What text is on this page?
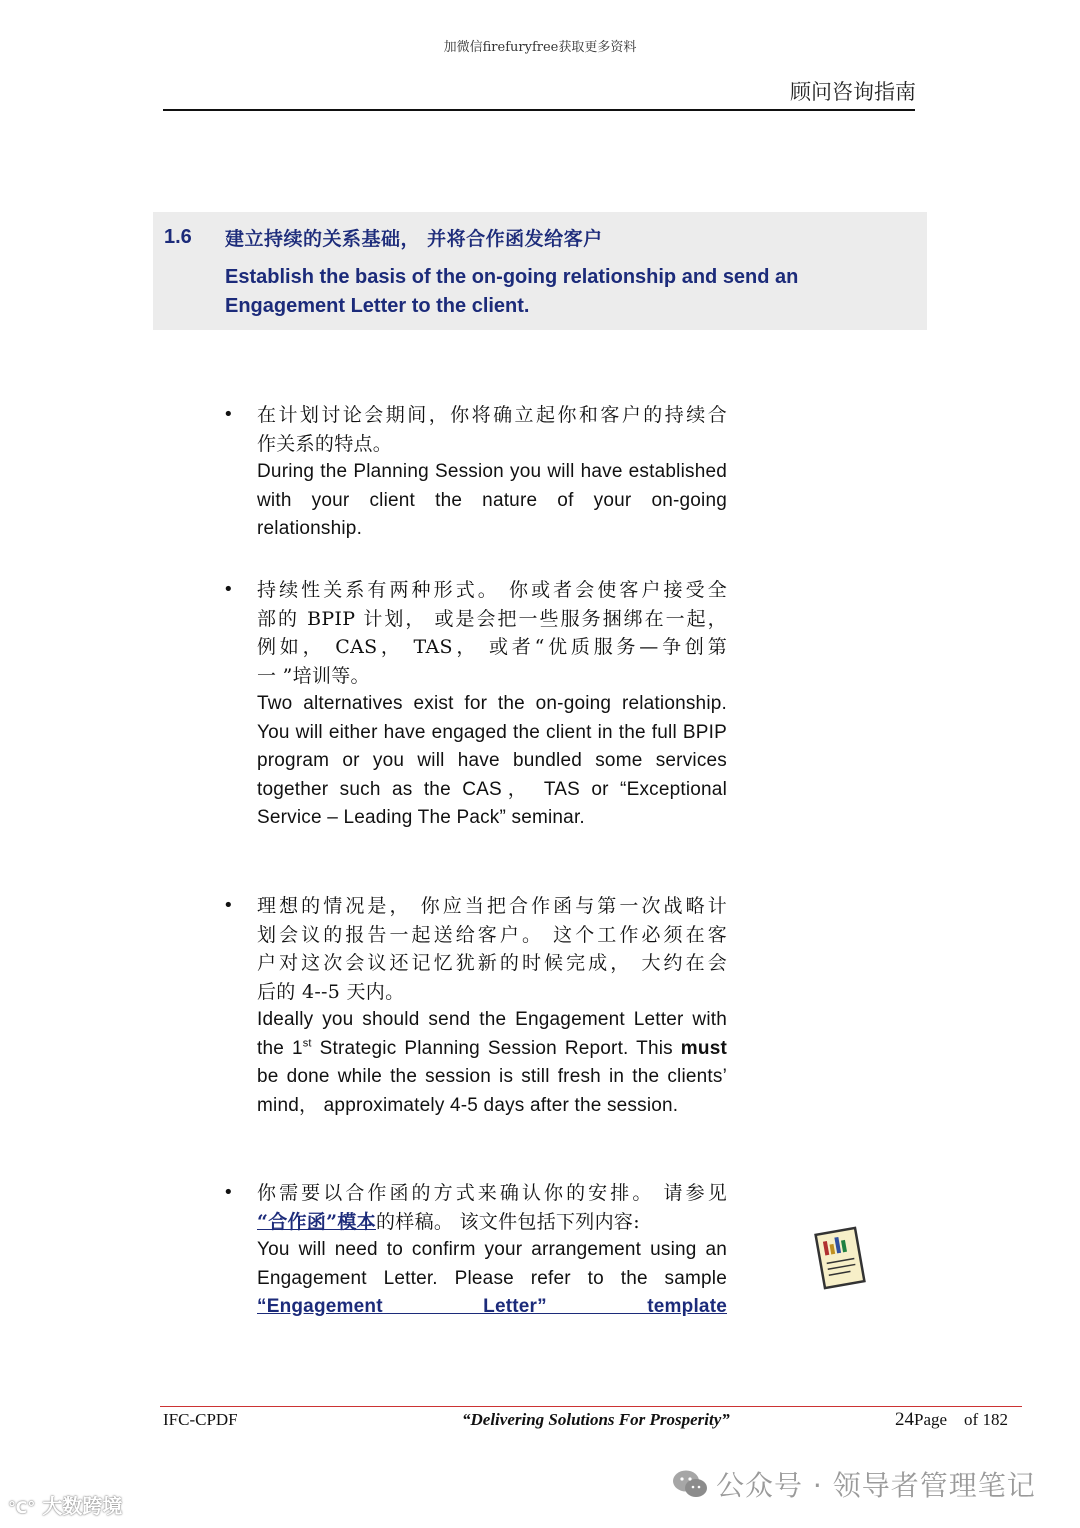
加微信firefuryfree获取更多资料
顾问咨询指南
1.6 建立持续的关系基础， 并将合作函发给客户
Establish the basis of the on-going relationship and send an Engagement Letter to the client.
• 在计划讨论会期间，你将确立起你和客户的持续合
作关系的特点。
During the Planning Session you will have established with your client the nature of your on-going relationship.
• 持续性关系有两种形式。 你或者会使客户接受全
部的 BPIP 计划， 或是会把一些服务捆绑在一起，
例如， CAS， TAS， 或者“优质服务—争创第
一 ”培训等。
Two alternatives exist for the on-going relationship. You will either have engaged the client in the full BPIP program or you will have bundled some services together such as the CAS， TAS or “Exceptional Service – Leading The Pack” seminar.
• 理想的情况是， 你应当把合作函与第一次战略计
划会议的报告一起送给客户。 这个工作必须在客
户对这次会议还记忆犹新的时候完成， 大约在会
后的 4--5 天内。
Ideally you should send the Engagement Letter with the 1st Strategic Planning Session Report. This must be done while the session is still fresh in the clients’ mind， approximately 4-5 days after the session.
• 你需要以合作函的方式来确认你的安排。 请参见
“合作函”模本的样稿。 该文件包括下列内容:
You will need to confirm your arrangement using an Engagement Letter. Please refer to the sample “Engagement Letter” template
IFC-CPDF	“Delivering Solutions For Prosperity”	24Page of 182
公众号 · 领导者管理笔记
℃° 大数跨境
